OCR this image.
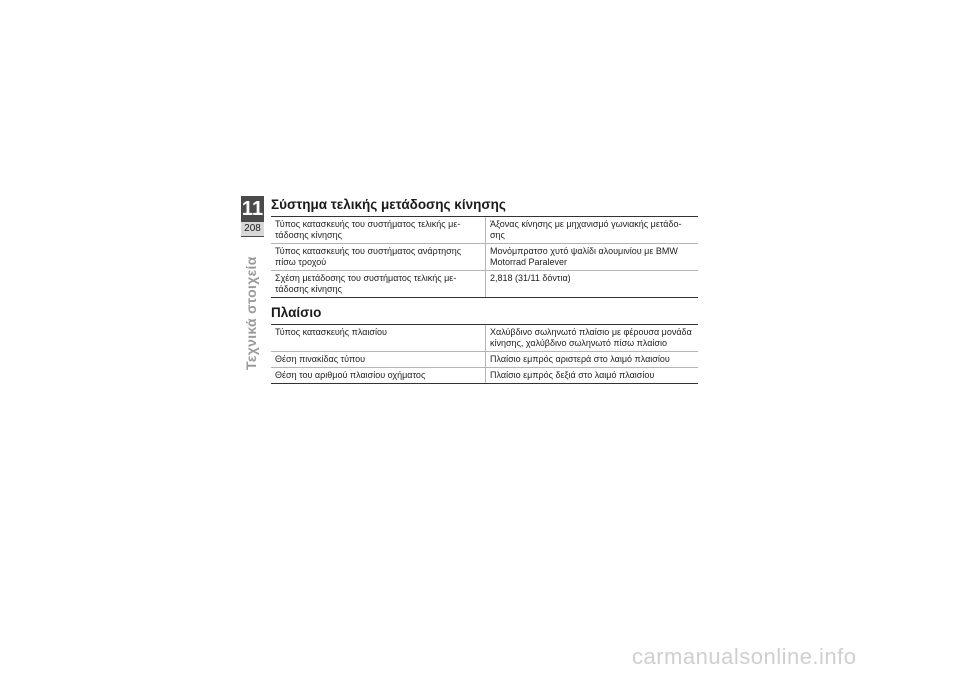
11
208
Τεχνικά στοιχεία
Σύστημα τελικής μετάδοσης κίνησης
Τύπος κατασκευής του συστήματος τελικής με-τάδοσης κίνησης	Άξονας κίνησης με μηχανισμό γωνιακής μετάδο-σης
Τύπος κατασκευής του συστήματος ανάρτησης πίσω τροχού	Μονόμπρατσο χυτό ψαλίδι αλουμινίου με BMW Motorrad Paralever
Σχέση μετάδοσης του συστήματος τελικής με-τάδοσης κίνησης	2,818 (31/11 δόντια)
Πλαίσιο
Τύπος κατασκευής πλαισίου	Χαλύβδινο σωληνωτό πλαίσιο με φέρουσα μονάδα κίνησης, χαλύβδινο σωληνωτό πίσω πλαίσιο
Θέση πινακίδας τύπου	Πλαίσιο εμπρός αριστερά στο λαιμό πλαισίου
Θέση του αριθμού πλαισίου οχήματος	Πλαίσιο εμπρός δεξιά στο λαιμό πλαισίου
carmanualsonline.info
